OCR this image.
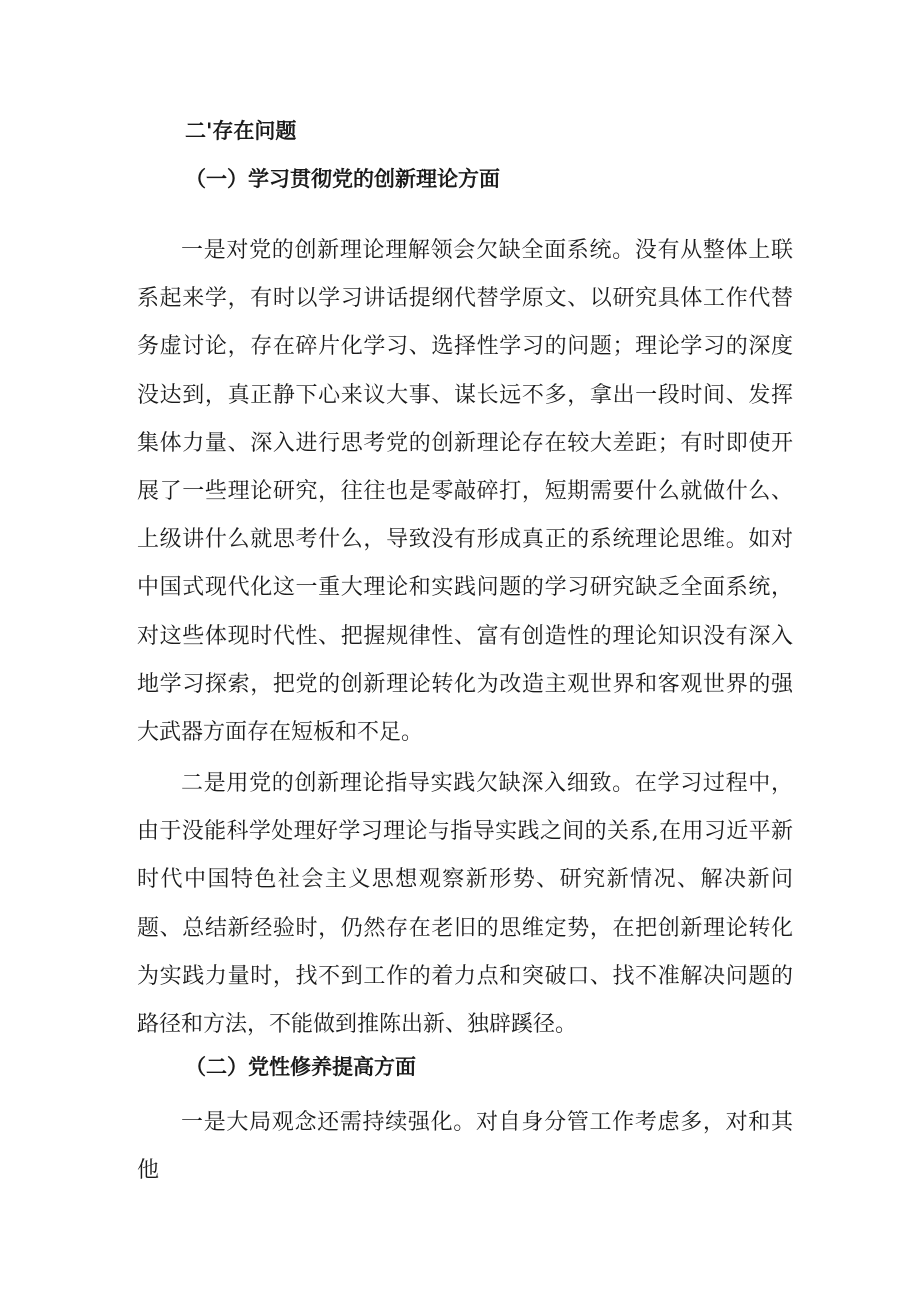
二'存在问题
（一）学习贯彻党的创新理论方面

一是对党的创新理论理解领会欠缺全面系统。没有从整体上联系起来学，有时以学习讲话提纲代替学原文、以研究具体工作代替务虚讨论，存在碎片化学习、选择性学习的问题；理论学习的深度没达到，真正静下心来议大事、谋长远不多，拿出一段时间、发挥集体力量、深入进行思考党的创新理论存在较大差距；有时即使开展了一些理论研究，往往也是零敲碎打，短期需要什么就做什么、上级讲什么就思考什么，导致没有形成真正的系统理论思维。如对中国式现代化这一重大理论和实践问题的学习研究缺乏全面系统，对这些体现时代性、把握规律性、富有创造性的理论知识没有深入地学习探索，把党的创新理论转化为改造主观世界和客观世界的强大武器方面存在短板和不足。

二是用党的创新理论指导实践欠缺深入细致。在学习过程中，由于没能科学处理好学习理论与指导实践之间的关系,在用习近平新时代中国特色社会主义思想观察新形势、研究新情况、解决新问题、总结新经验时，仍然存在老旧的思维定势，在把创新理论转化为实践力量时，找不到工作的着力点和突破口、找不准解决问题的路径和方法，不能做到推陈出新、独辟蹊径。

（二）党性修养提高方面

一是大局观念还需持续强化。对自身分管工作考虑多，对和其他
